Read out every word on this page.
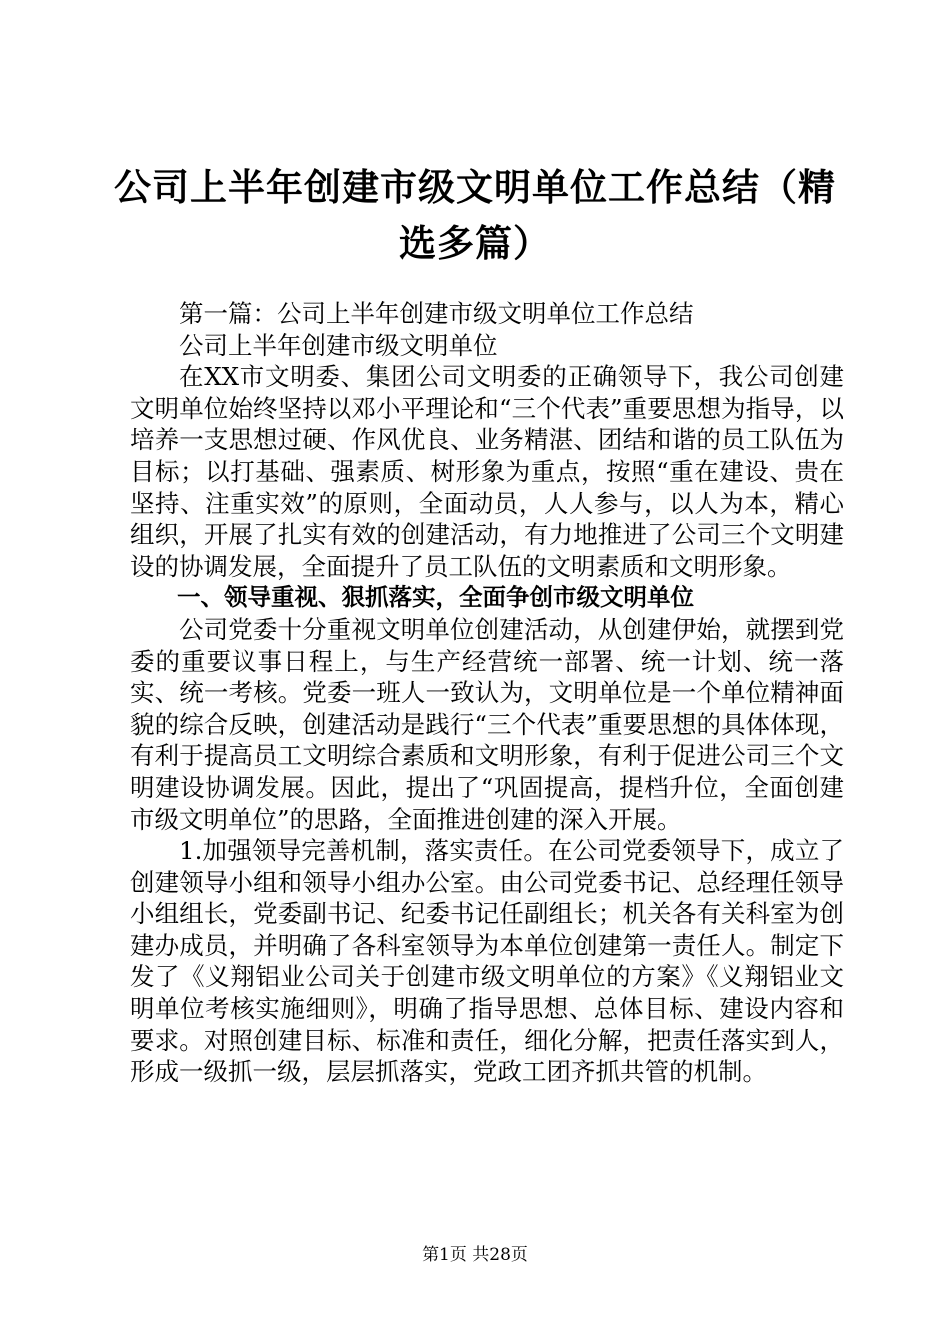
公司上半年创建市级文明单位工作总结（精选多篇）

第一篇：公司上半年创建市级文明单位工作总结

公司上半年创建市级文明单位

在XX市文明委、集团公司文明委的正确领导下，我公司创建文明单位始终坚持以邓小平理论和“三个代表”重要思想为指导，以培养一支思想过硬、作风优良、业务精湛、团结和谐的员工队伍为目标；以打基础、强素质、树形象为重点，按照“重在建设、贵在坚持、注重实效”的原则，全面动员，人人参与，以人为本，精心组织，开展了扎实有效的创建活动，有力地推进了公司三个文明建设的协调发展，全面提升了员工队伍的文明素质和文明形象。

一、领导重视、狠抓落实，全面争创市级文明单位

公司党委十分重视文明单位创建活动，从创建伊始，就摆到党委的重要议事日程上，与生产经营统一部署、统一计划、统一落实、统一考核。党委一班人一致认为，文明单位是一个单位精神面貌的综合反映，创建活动是践行“三个代表”重要思想的具体体现，有利于提高员工文明综合素质和文明形象，有利于促进公司三个文明建设协调发展。因此，提出了“巩固提高，提档升位，全面创建市级文明单位”的思路，全面推进创建的深入开展。

1.加强领导完善机制，落实责任。在公司党委领导下，成立了创建领导小组和领导小组办公室。由公司党委书记、总经理任领导小组组长，党委副书记、纪委书记任副组长；机关各有关科室为创建办成员，并明确了各科室领导为本单位创建第一责任人。制定下发了《义翔铝业公司关于创建市级文明单位的方案》《义翔铝业文明单位考核实施细则》，明确了指导思想、总体目标、建设内容和要求。对照创建目标、标准和责任，细化分解，把责任落实到人，形成一级抓一级，层层抓落实，党政工团齐抓共管的机制。

第1页 共28页
